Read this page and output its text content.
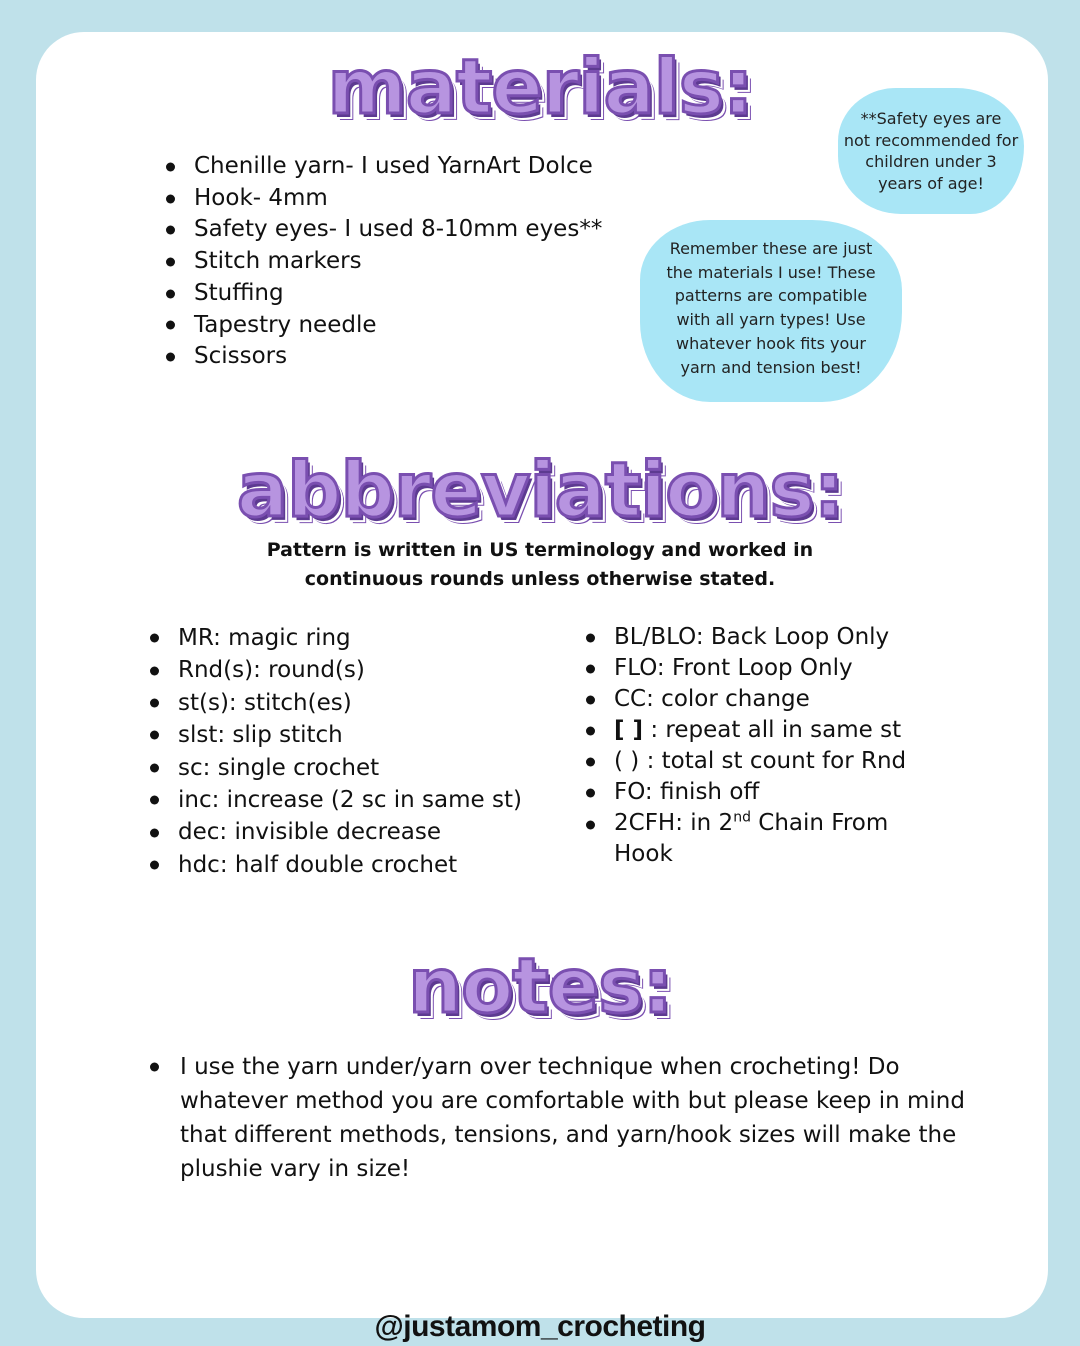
materials:
Chenille yarn- I used YarnArt Dolce
Hook- 4mm
Safety eyes- I used 8-10mm eyes**
Stitch markers
Stuffing
Tapestry needle
Scissors
**Safety eyes are
not recommended for
children under 3
years of age!
Remember these are just
the materials I use! These
patterns are compatible
with all yarn types! Use
whatever hook fits your
yarn and tension best!
abbreviations:
Pattern is written in US terminology and worked in
continuous rounds unless otherwise stated.
MR: magic ring
Rnd(s): round(s)
st(s): stitch(es)
slst: slip stitch
sc: single crochet
inc: increase (2 sc in same st)
dec: invisible decrease
hdc: half double crochet
BL/BLO: Back Loop Only
FLO: Front Loop Only
CC: color change
[ ] : repeat all in same st
( ) : total st count for Rnd
FO: finish off
2CFH: in 2nd Chain From
Hook
notes:
I use the yarn under/yarn over technique when crocheting! Do whatever method you are comfortable with but please keep in mind that different methods, tensions, and yarn/hook sizes will make the plushie vary in size!
@justamom_crocheting
